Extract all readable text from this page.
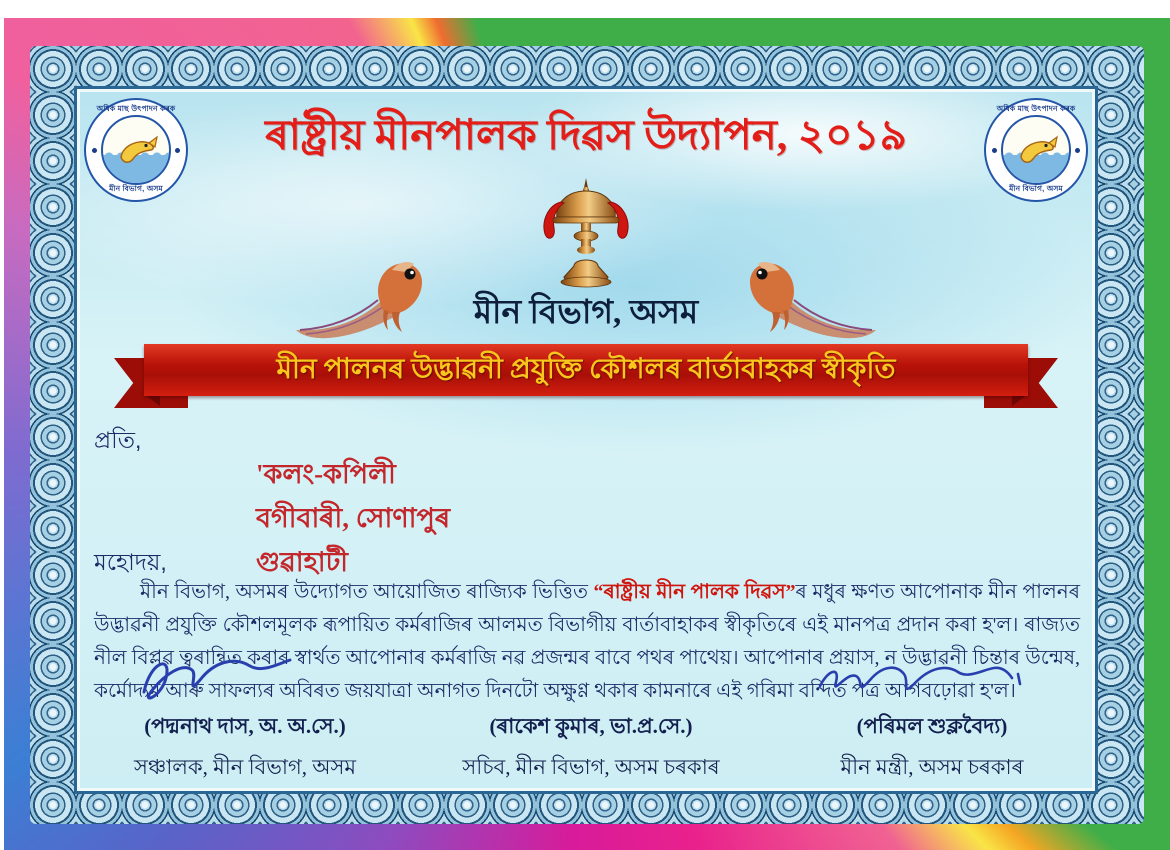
অধিক মাছ উৎপাদন কৰক
মীন বিভাগ, অসম
অধিক মাছ উৎপাদন কৰক
মীন বিভাগ, অসম
ৰাষ্ট্ৰীয় মীনপালক দিৱস উদ্যাপন, ২০১৯
মীন বিভাগ, অসম
মীন পালনৰ উদ্ভাৱনী প্ৰযুক্তি কৌশলৰ বাৰ্তাবাহকৰ স্বীকৃতি
প্ৰতি,
'কলং-কপিলী
বগীবাৰী, সোণাপুৰ
গুৱাহাটী
মহোদয়,
মীন বিভাগ, অসমৰ উদ্যোগত আয়োজিত ৰাজ্যিক ভিত্তিত “ৰাষ্ট্ৰীয় মীন পালক দিৱস”ৰ মধুৰ ক্ষণত আপোনাক মীন পালনৰ উদ্ভাৱনী প্ৰযুক্তি কৌশলমূলক ৰূপায়িত কৰ্মৰাজিৰ আলমত বিভাগীয় বাৰ্তাবাহাকৰ স্বীকৃতিৰে এই মানপত্ৰ প্ৰদান কৰা হ'ল। ৰাজ্যত নীল বিপ্লৱ ত্বৰান্বিত কৰাৰ স্বাৰ্থত আপোনাৰ কৰ্মৰাজি নৱ প্ৰজন্মৰ বাবে পথৰ পাথেয়। আপোনাৰ প্ৰয়াস, ন উদ্ভাৱনী চিন্তাৰ উন্মেষ, কৰ্মোদ্যম আৰু সাফল্যৰ অবিৰত জয়যাত্ৰা অনাগত দিনটো অক্ষুণ্ণ থকাৰ কামনাৰে এই গৰিমা বন্দিত পত্ৰ আগবঢ়োৱা হ'ল।
(পদ্মনাথ দাস, অ. অ.সে.)
সঞ্চালক, মীন বিভাগ, অসম
(ৰাকেশ কুমাৰ, ভা.প্ৰ.সে.)
সচিব, মীন বিভাগ, অসম চৰকাৰ
(পৰিমল শুক্লবৈদ্য)
মীন মন্ত্ৰী, অসম চৰকাৰ
